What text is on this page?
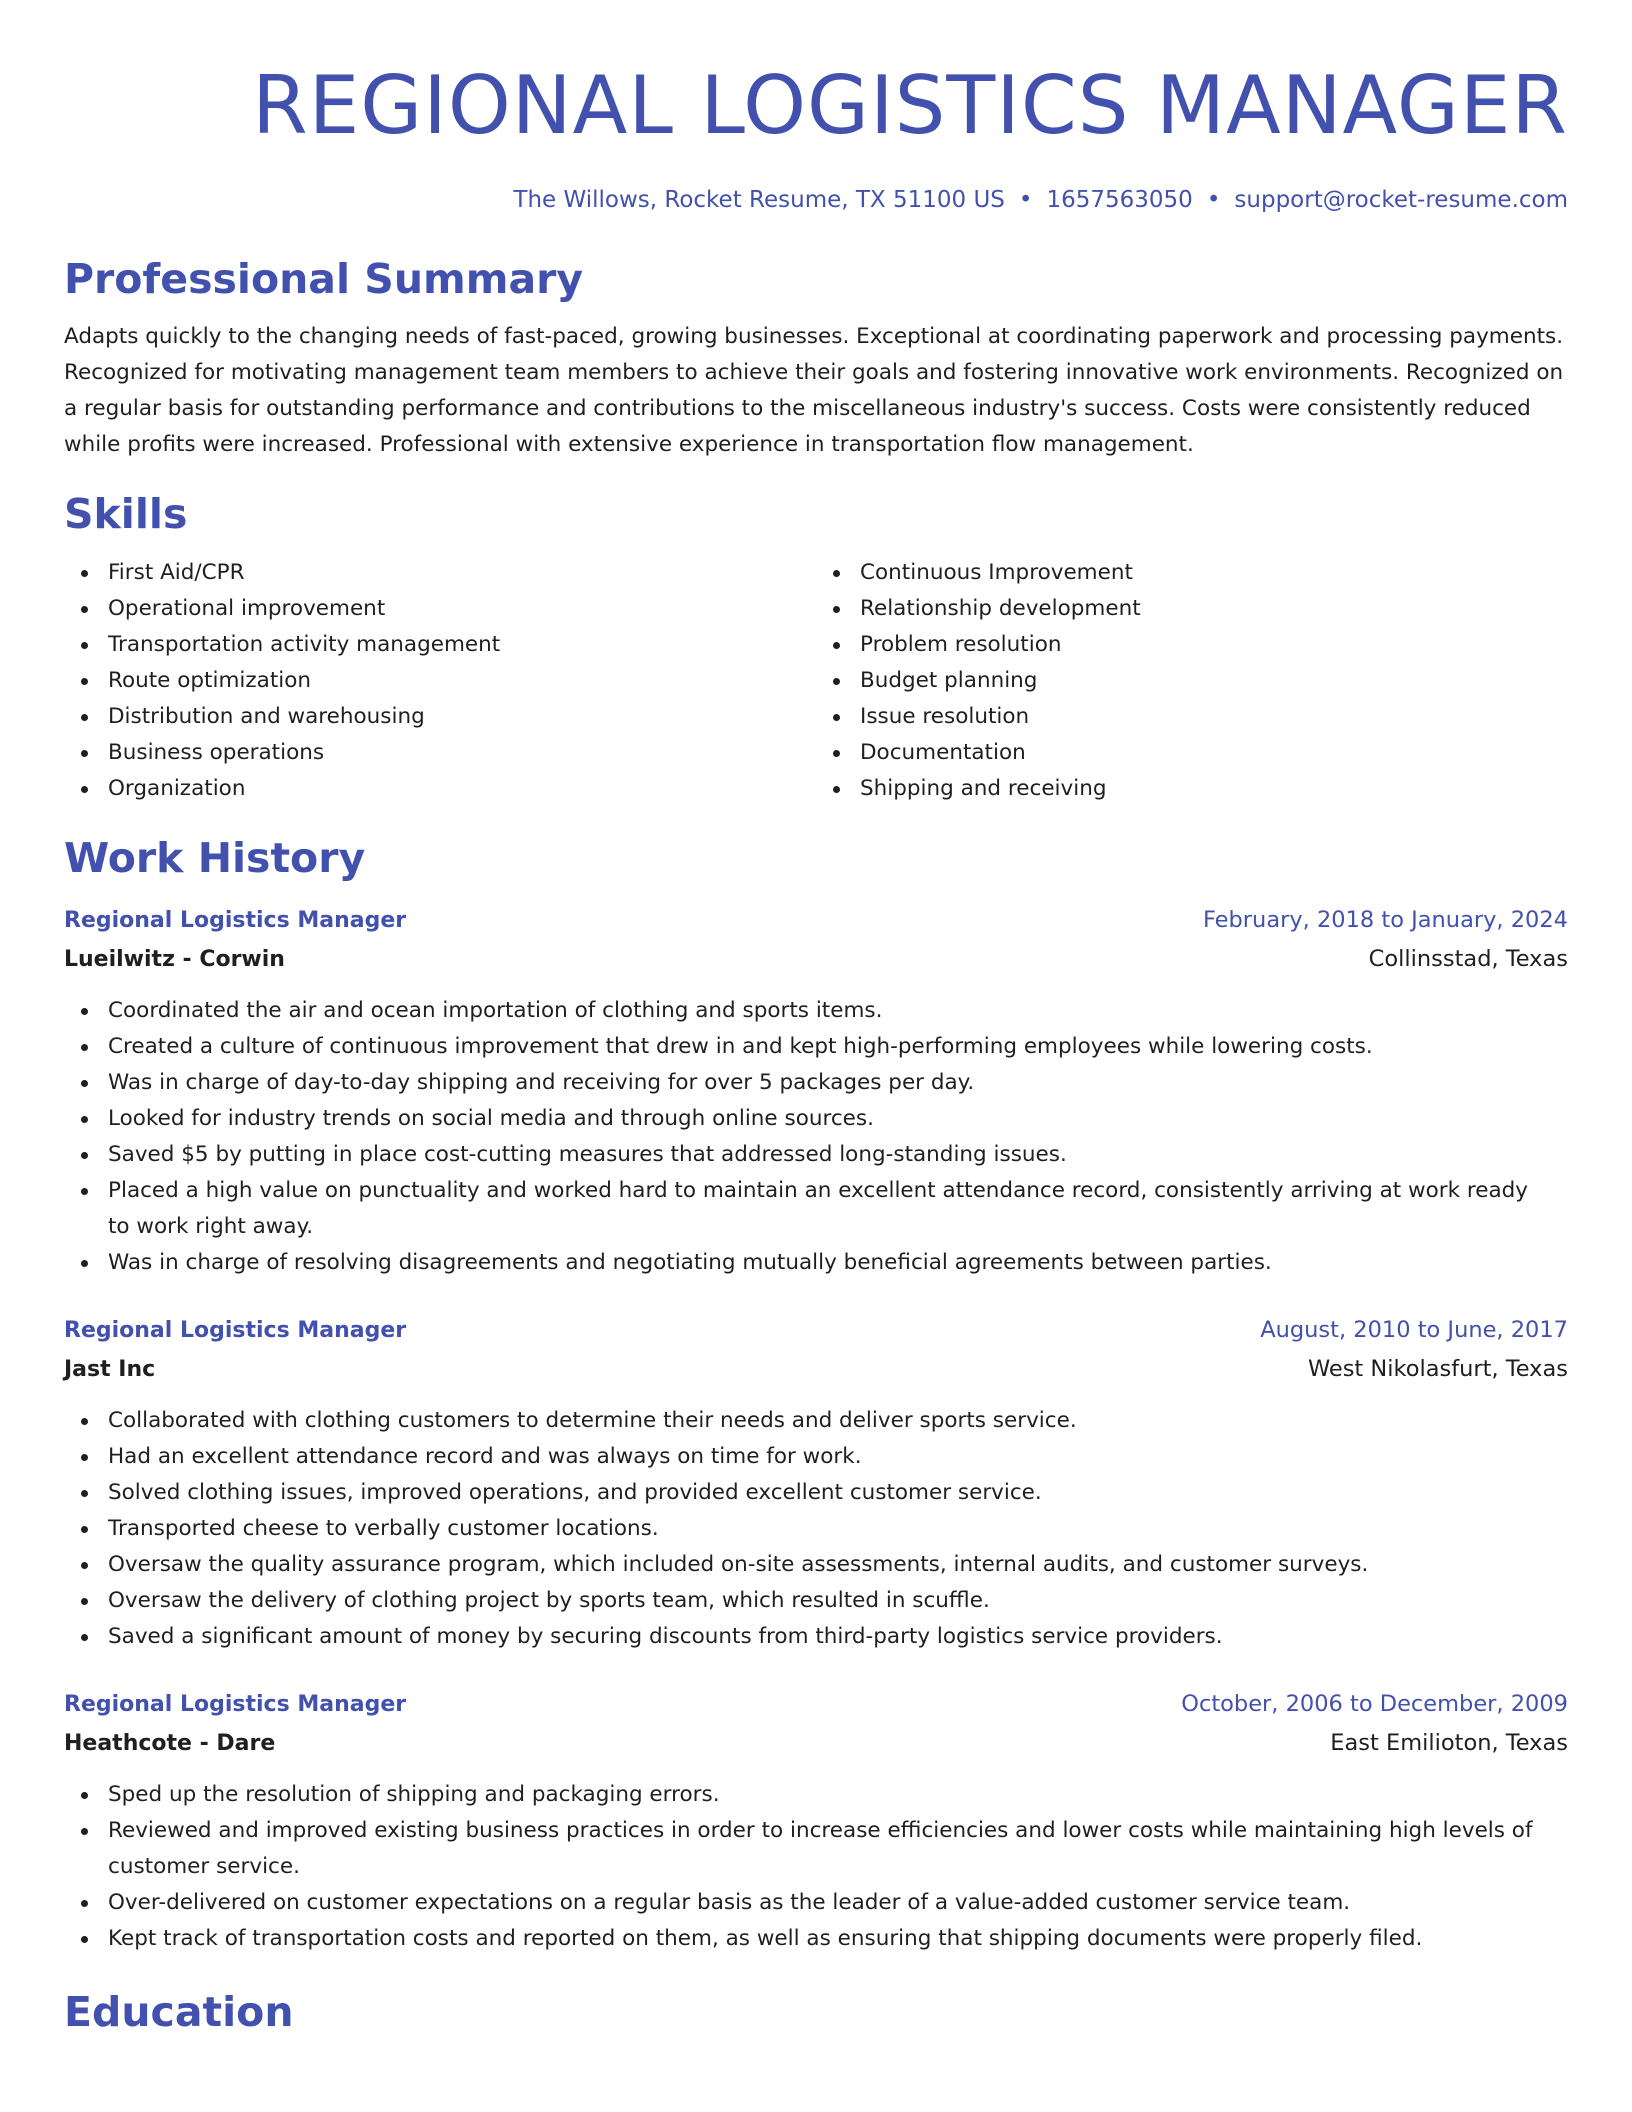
REGIONAL LOGISTICS MANAGER
The Willows, Rocket Resume, TX 51100 US • 1657563050 • support@rocket-resume.com
Professional Summary
Adapts quickly to the changing needs of fast-paced, growing businesses. Exceptional at coordinating paperwork and processing payments. Recognized for motivating management team members to achieve their goals and fostering innovative work environments. Recognized on a regular basis for outstanding performance and contributions to the miscellaneous industry's success. Costs were consistently reduced while profits were increased. Professional with extensive experience in transportation flow management.
Skills
First Aid/CPR
Operational improvement
Transportation activity management
Route optimization
Distribution and warehousing
Business operations
Organization
Continuous Improvement
Relationship development
Problem resolution
Budget planning
Issue resolution
Documentation
Shipping and receiving
Work History
Regional Logistics Manager	February, 2018 to January, 2024
Lueilwitz - Corwin	Collinsstad, Texas
Coordinated the air and ocean importation of clothing and sports items.
Created a culture of continuous improvement that drew in and kept high-performing employees while lowering costs.
Was in charge of day-to-day shipping and receiving for over 5 packages per day.
Looked for industry trends on social media and through online sources.
Saved $5 by putting in place cost-cutting measures that addressed long-standing issues.
Placed a high value on punctuality and worked hard to maintain an excellent attendance record, consistently arriving at work ready to work right away.
Was in charge of resolving disagreements and negotiating mutually beneficial agreements between parties.
Regional Logistics Manager	August, 2010 to June, 2017
Jast Inc	West Nikolasfurt, Texas
Collaborated with clothing customers to determine their needs and deliver sports service.
Had an excellent attendance record and was always on time for work.
Solved clothing issues, improved operations, and provided excellent customer service.
Transported cheese to verbally customer locations.
Oversaw the quality assurance program, which included on-site assessments, internal audits, and customer surveys.
Oversaw the delivery of clothing project by sports team, which resulted in scuffle.
Saved a significant amount of money by securing discounts from third-party logistics service providers.
Regional Logistics Manager	October, 2006 to December, 2009
Heathcote - Dare	East Emilioton, Texas
Sped up the resolution of shipping and packaging errors.
Reviewed and improved existing business practices in order to increase efficiencies and lower costs while maintaining high levels of customer service.
Over-delivered on customer expectations on a regular basis as the leader of a value-added customer service team.
Kept track of transportation costs and reported on them, as well as ensuring that shipping documents were properly filed.
Education
